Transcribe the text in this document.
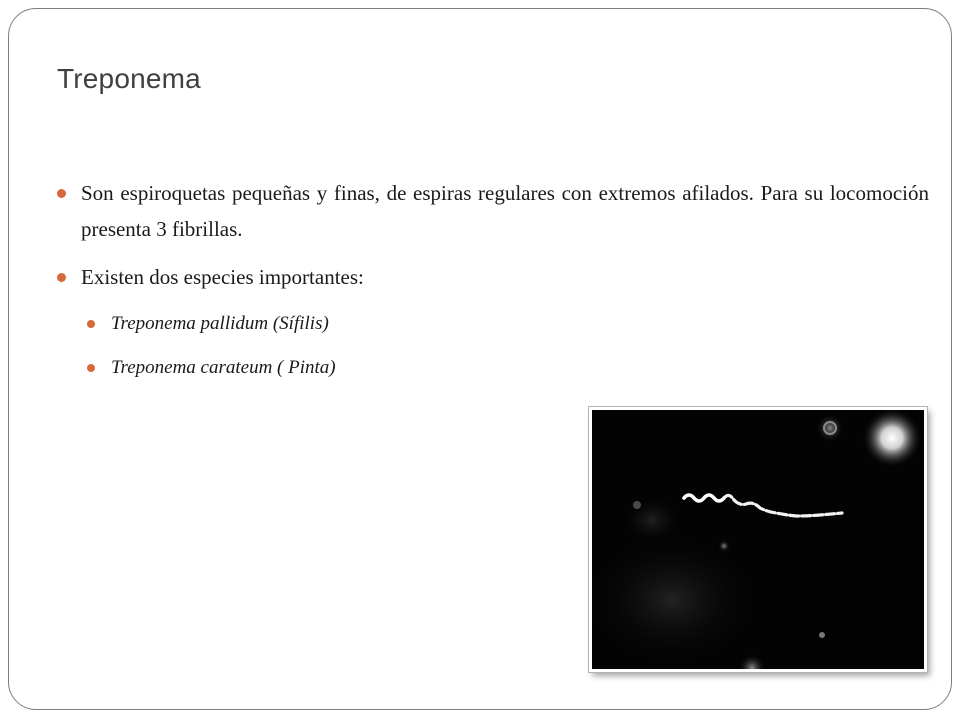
Treponema
Son espiroquetas pequeñas y finas, de espiras regulares con extremos afilados. Para su locomoción presenta 3 fibrillas.
Existen dos especies importantes:
Treponema pallidum (Sífilis)
Treponema carateum ( Pinta)
